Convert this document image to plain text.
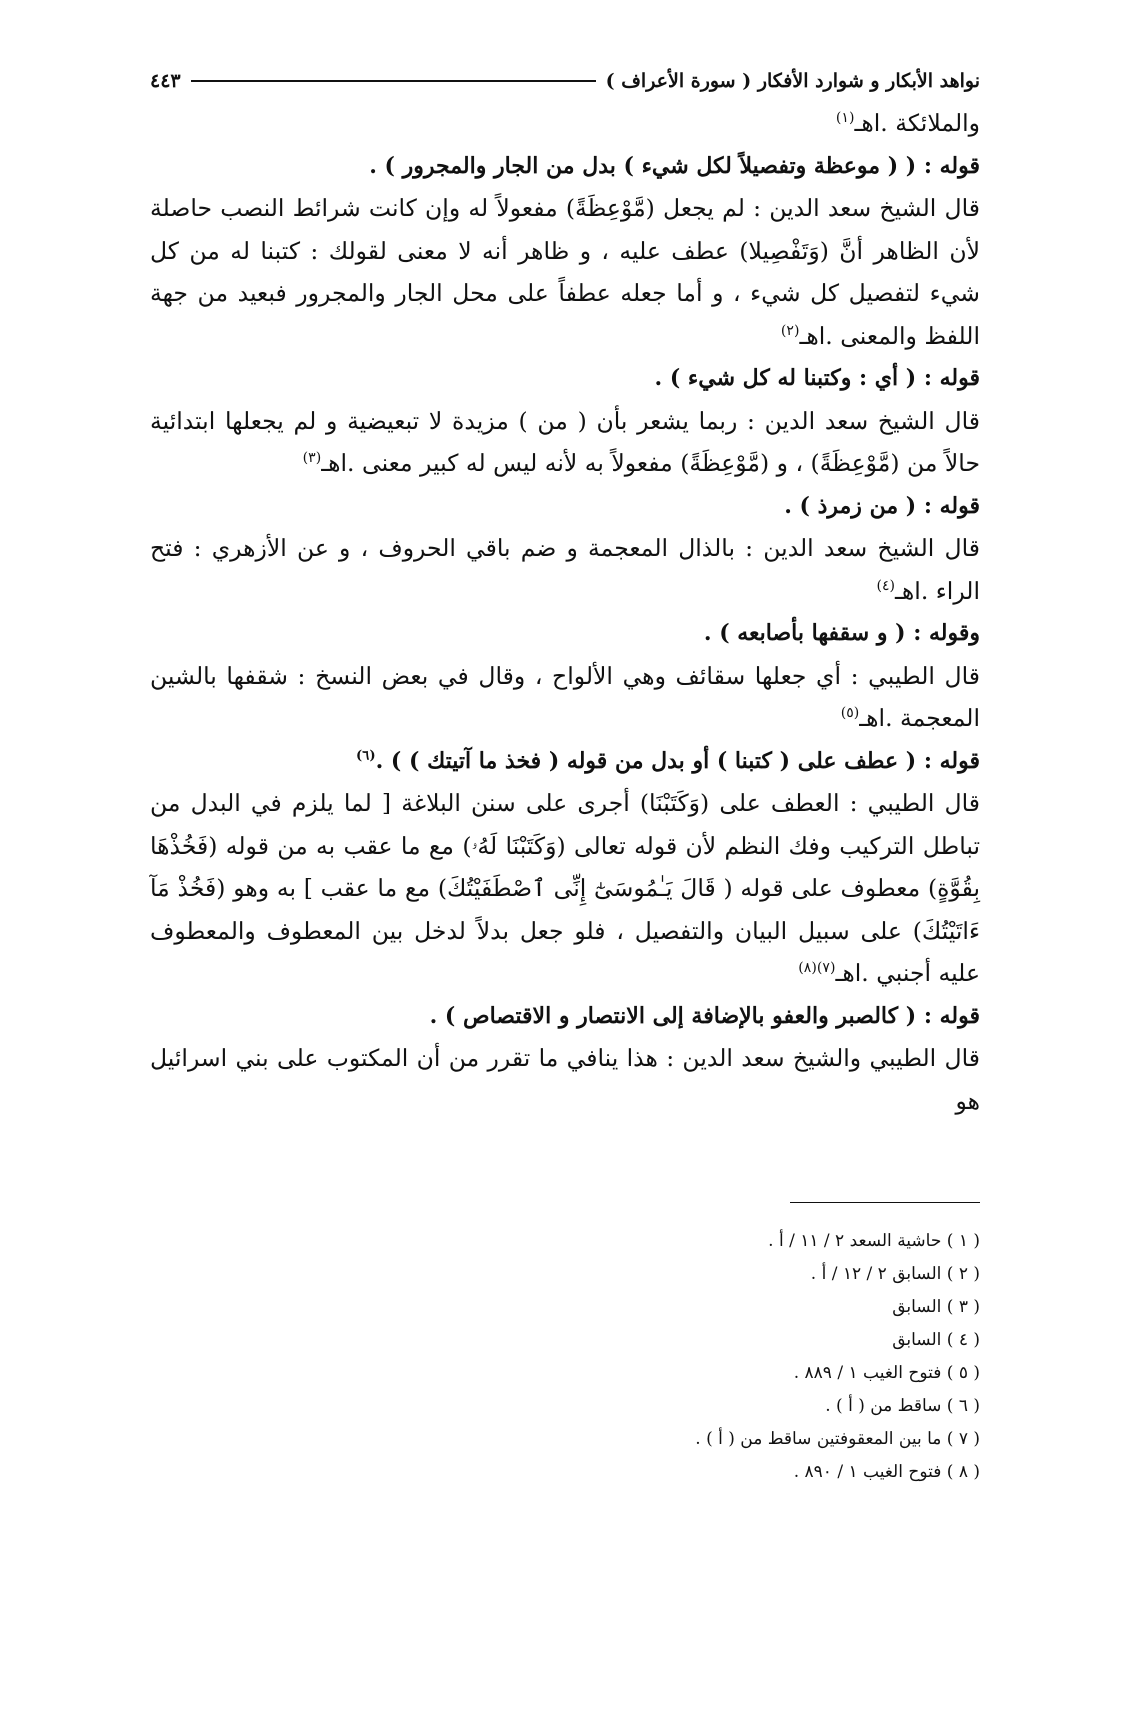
نواهد الأبكار و شوارد الأفكار ( سورة الأعراف )
٤٤٣

والملائكة .اهـ$^{(١)}$

قوله : ( ( موعظة وتفصيلاً لكل شيء ) بدل من الجار والمجرور ) .

قال الشيخ سعد الدين : لم يجعل (مَّوْعِظَةً) مفعولاً له وإن كانت شرائط النصب حاصلة لأن الظاهر أنَّ (وَتَفْصِيلا) عطف عليه ، و ظاهر أنه لا معنى لقولك : كتبنا له من كل شيء لتفصيل كل شيء ، و أما جعله عطفاً على محل الجار والمجرور فبعيد من جهة اللفظ والمعنى .اهـ$^{(٢)}$

قوله : ( أي : وكتبنا له كل شيء ) .

قال الشيخ سعد الدين : ربما يشعر بأن ( من ) مزيدة لا تبعيضية و لم يجعلها ابتدائية حالاً من (مَّوْعِظَةً) ، و (مَّوْعِظَةً) مفعولاً به لأنه ليس له كبير معنى .اهـ$^{(٣)}$

قوله : ( من زمرذ ) .

قال الشيخ سعد الدين : بالذال المعجمة و ضم باقي الحروف ، و عن الأزهري : فتح الراء .اهـ$^{(٤)}$

وقوله : ( و سقفها بأصابعه ) .

قال الطيبي : أي جعلها سقائف وهي الألواح ، وقال في بعض النسخ : شقفها بالشين المعجمة .اهـ$^{(٥)}$

قوله : ( عطف على ( كتبنا ) أو بدل من قوله ( فخذ ما آتيتك ) ) .$^{(٦)}$

قال الطيبي : العطف على (وَكَتَبْنَا) أجرى على سنن البلاغة [ لما يلزم في البدل من تباطل التركيب وفك النظم لأن قوله تعالى (وَكَتَبْنَا لَهُۥ) مع ما عقب به من قوله (فَخُذْهَا بِقُوَّةٍ) معطوف على قوله ( قَالَ يَـٰمُوسَىٰٓ إِنِّى ٱصْطَفَيْتُكَ) مع ما عقب ] به وهو (فَخُذْ مَآ ءَاتَيْتُكَ) على سبيل البيان والتفصيل ، فلو جعل بدلاً لدخل بين المعطوف والمعطوف عليه أجنبي .اهـ$^{(٧)(٨)}$

قوله : ( كالصبر والعفو بالإضافة إلى الانتصار و الاقتصاص ) .

قال الطيبي والشيخ سعد الدين : هذا ينافي ما تقرر من أن المكتوب على بني اسرائيل هو

( ١ ) حاشية السعد ٢ / ١١ / أ .
( ٢ ) السابق ٢ / ١٢ / أ .
( ٣ ) السابق
( ٤ ) السابق
( ٥ ) فتوح الغيب ١ / ٨٨٩ .
( ٦ ) ساقط من ( أ ) .
( ٧ ) ما بين المعقوفتين ساقط من ( أ ) .
( ٨ ) فتوح الغيب ١ / ٨٩٠ .
